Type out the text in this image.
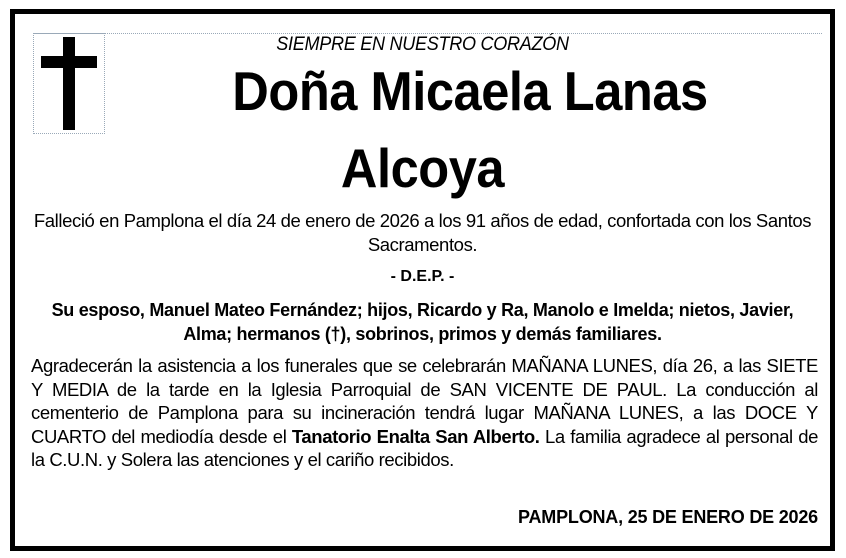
SIEMPRE EN NUESTRO CORAZÓN
Doña Micaela Lanas
Alcoya
Falleció en Pamplona el día 24 de enero de 2026 a los 91 años de edad, confortada con los Santos Sacramentos.
- D.E.P. -
Su esposo, Manuel Mateo Fernández; hijos, Ricardo y Ra, Manolo e Imelda; nietos, Javier, Alma; hermanos (†), sobrinos, primos y demás familiares.
Agradecerán la asistencia a los funerales que se celebrarán MAÑANA LUNES, día 26, a las SIETE Y MEDIA de la tarde en la Iglesia Parroquial de SAN VICENTE DE PAUL. La conducción al cementerio de Pamplona para su incineración tendrá lugar MAÑANA LUNES, a las DOCE Y CUARTO del mediodía desde el Tanatorio Enalta San Alberto. La familia agradece al personal de la C.U.N. y Solera las atenciones y el cariño recibidos.
PAMPLONA, 25 DE ENERO DE 2026
